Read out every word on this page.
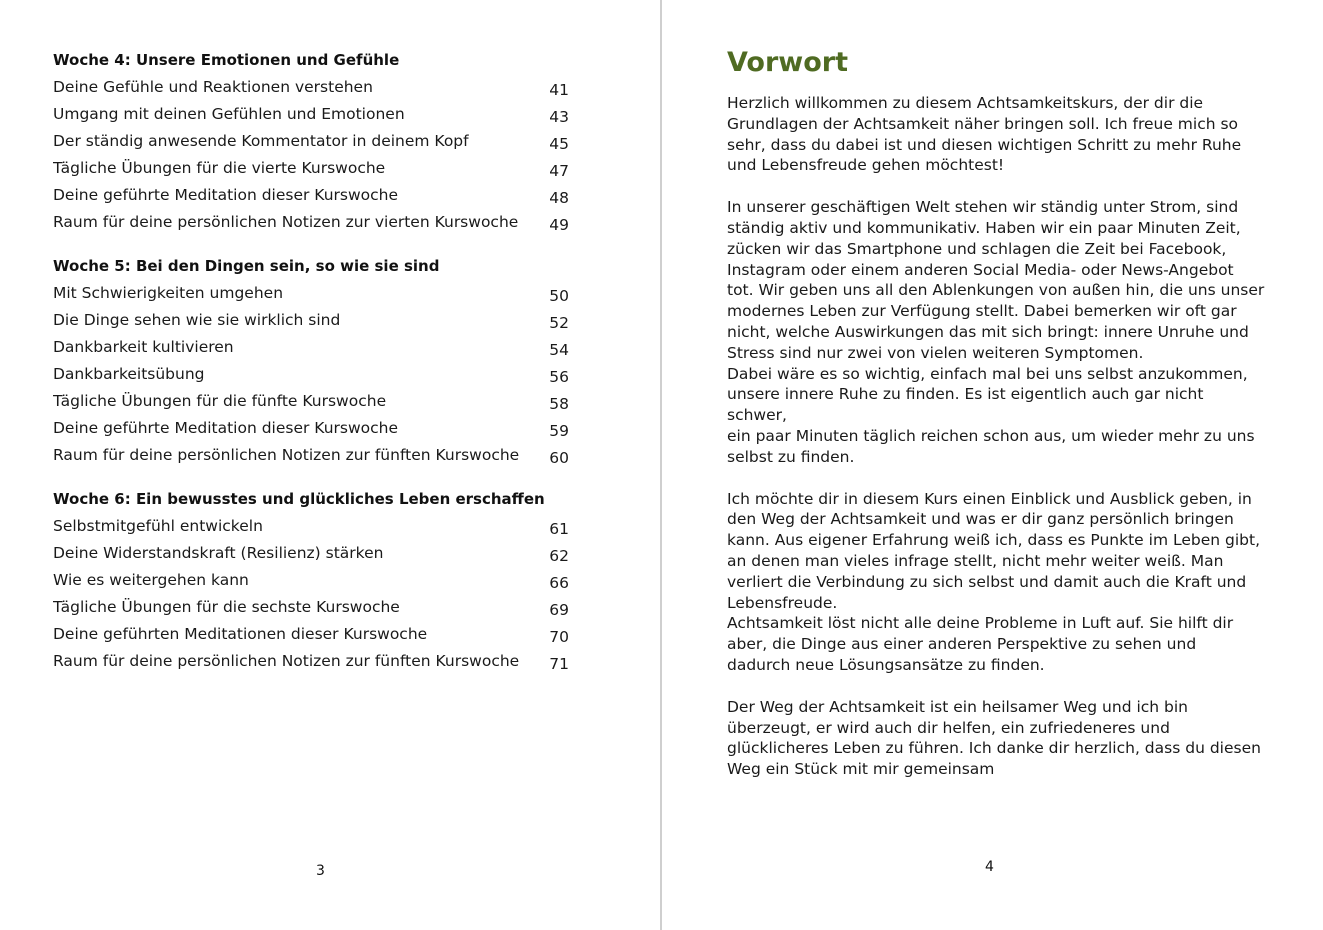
Woche 4: Unsere Emotionen und Gefühle
Deine Gefühle und Reaktionen verstehen	41
Umgang mit deinen Gefühlen und Emotionen	43
Der ständig anwesende Kommentator in deinem Kopf	45
Tägliche Übungen für die vierte Kurswoche	47
Deine geführte Meditation dieser Kurswoche	48
Raum für deine persönlichen Notizen zur vierten Kurswoche	49
Woche 5: Bei den Dingen sein, so wie sie sind
Mit Schwierigkeiten umgehen	50
Die Dinge sehen wie sie wirklich sind	52
Dankbarkeit kultivieren	54
Dankbarkeitsübung	56
Tägliche Übungen für die fünfte Kurswoche	58
Deine geführte Meditation dieser Kurswoche	59
Raum für deine persönlichen Notizen zur fünften Kurswoche	60
Woche 6: Ein bewusstes und glückliches Leben erschaffen
Selbstmitgefühl entwickeln	61
Deine Widerstandskraft (Resilienz) stärken	62
Wie es weitergehen kann	66
Tägliche Übungen für die sechste Kurswoche	69
Deine geführten Meditationen dieser Kurswoche	70
Raum für deine persönlichen Notizen zur fünften Kurswoche	71
3
Vorwort

Herzlich willkommen zu diesem Achtsamkeitskurs, der dir die
Grundlagen der Achtsamkeit näher bringen soll. Ich freue mich so
sehr, dass du dabei ist und diesen wichtigen Schritt zu mehr Ruhe
und Lebensfreude gehen möchtest!

In unserer geschäftigen Welt stehen wir ständig unter Strom, sind
ständig aktiv und kommunikativ. Haben wir ein paar Minuten Zeit,
zücken wir das Smartphone und schlagen die Zeit bei Facebook,
Instagram oder einem anderen Social Media- oder News-Angebot
tot. Wir geben uns all den Ablenkungen von außen hin, die uns unser
modernes Leben zur Verfügung stellt. Dabei bemerken wir oft gar
nicht, welche Auswirkungen das mit sich bringt: innere Unruhe und
Stress sind nur zwei von vielen weiteren Symptomen.
Dabei wäre es so wichtig, einfach mal bei uns selbst anzukommen,
unsere innere Ruhe zu finden. Es ist eigentlich auch gar nicht schwer,
ein paar Minuten täglich reichen schon aus, um wieder mehr zu uns
selbst zu finden.

Ich möchte dir in diesem Kurs einen Einblick und Ausblick geben, in
den Weg der Achtsamkeit und was er dir ganz persönlich bringen
kann. Aus eigener Erfahrung weiß ich, dass es Punkte im Leben gibt,
an denen man vieles infrage stellt, nicht mehr weiter weiß. Man
verliert die Verbindung zu sich selbst und damit auch die Kraft und
Lebensfreude.
Achtsamkeit löst nicht alle deine Probleme in Luft auf. Sie hilft dir
aber, die Dinge aus einer anderen Perspektive zu sehen und
dadurch neue Lösungsansätze zu finden.

Der Weg der Achtsamkeit ist ein heilsamer Weg und ich bin
überzeugt, er wird auch dir helfen, ein zufriedeneres und
glücklicheres Leben zu führen. Ich danke dir herzlich, dass du diesen
Weg ein Stück mit mir gemeinsam

4
